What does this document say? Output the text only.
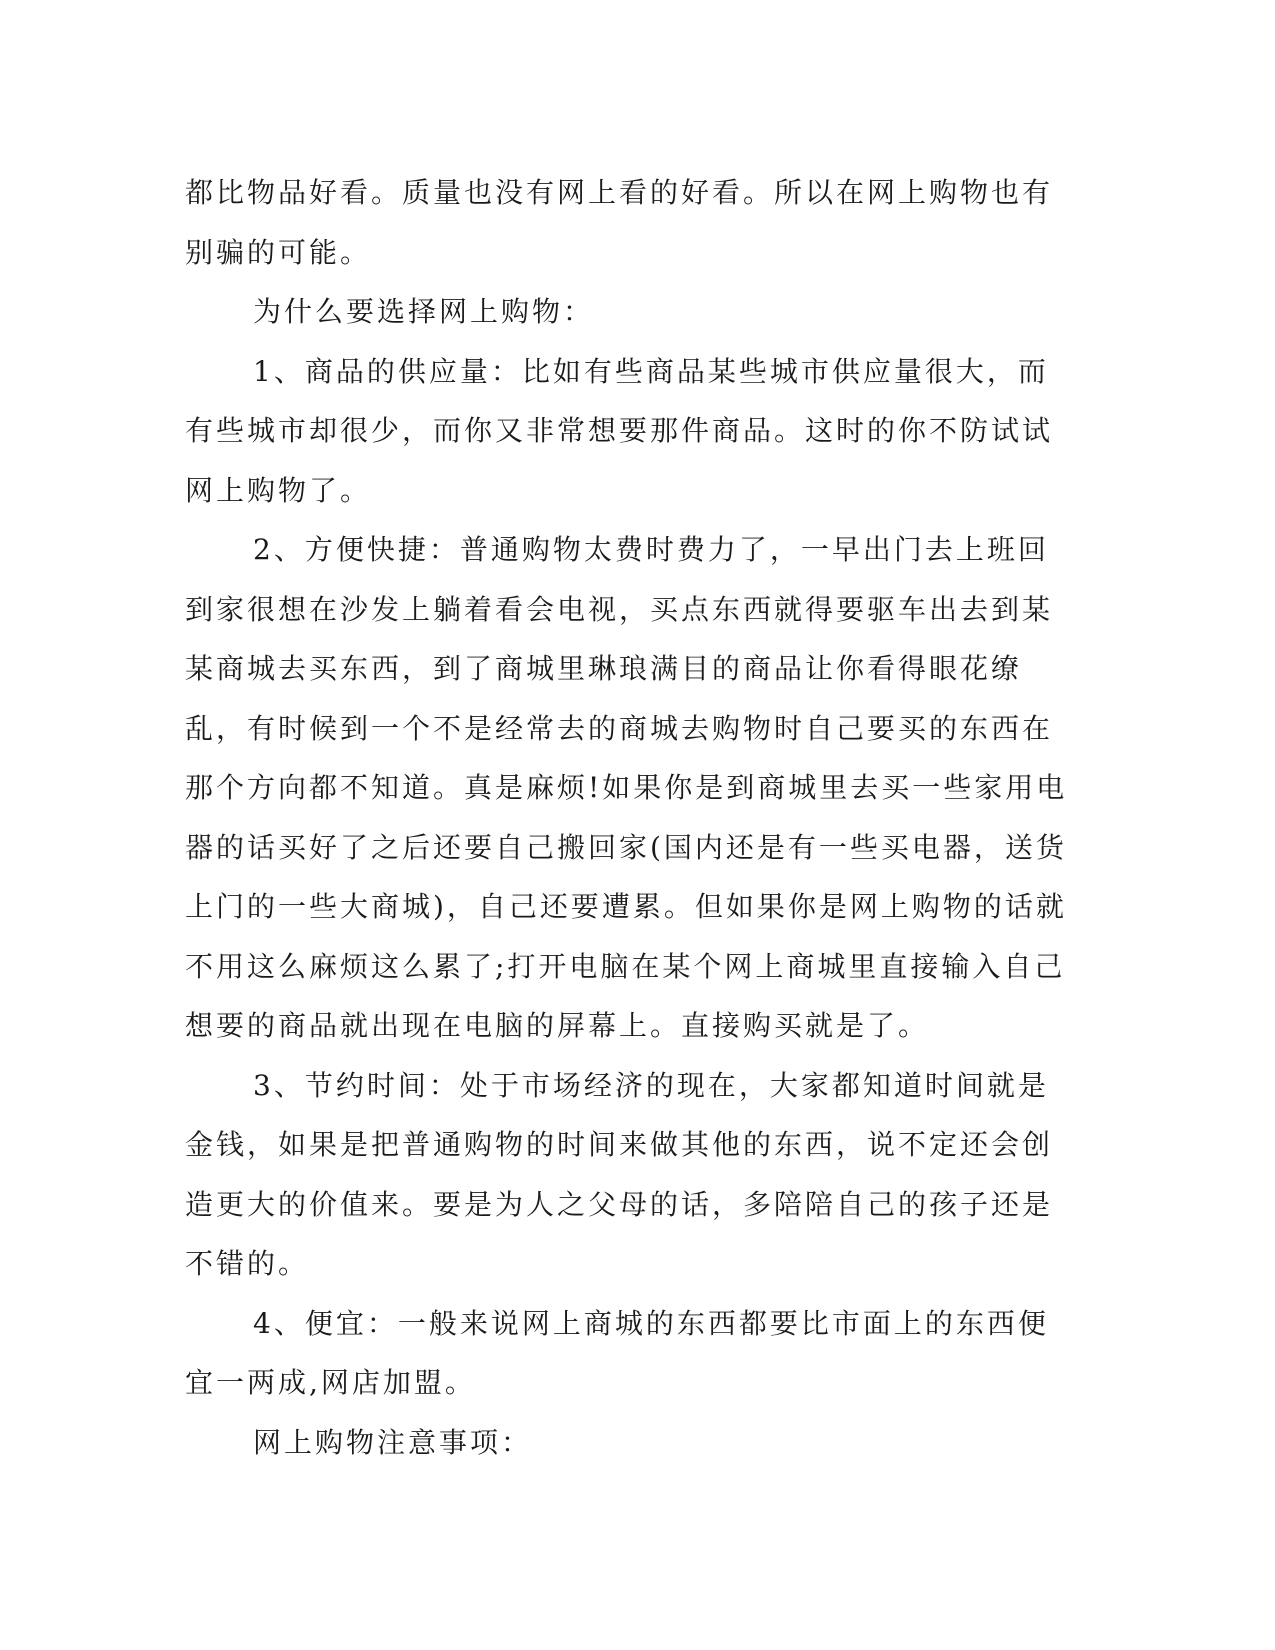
都比物品好看。质量也没有网上看的好看。所以在网上购物也有别骗的可能。

为什么要选择网上购物：

1、商品的供应量：比如有些商品某些城市供应量很大，而有些城市却很少，而你又非常想要那件商品。这时的你不防试试网上购物了。

2、方便快捷：普通购物太费时费力了，一早出门去上班回到家很想在沙发上躺着看会电视，买点东西就得要驱车出去到某某商城去买东西，到了商城里琳琅满目的商品让你看得眼花缭乱，有时候到一个不是经常去的商城去购物时自己要买的东西在那个方向都不知道。真是麻烦!如果你是到商城里去买一些家用电器的话买好了之后还要自己搬回家(国内还是有一些买电器，送货上门的一些大商城)，自己还要遭累。但如果你是网上购物的话就不用这么麻烦这么累了;打开电脑在某个网上商城里直接输入自己想要的商品就出现在电脑的屏幕上。直接购买就是了。

3、节约时间：处于市场经济的现在，大家都知道时间就是金钱，如果是把普通购物的时间来做其他的东西，说不定还会创造更大的价值来。要是为人之父母的话，多陪陪自己的孩子还是不错的。

4、便宜：一般来说网上商城的东西都要比市面上的东西便宜一两成,网店加盟。

网上购物注意事项：
